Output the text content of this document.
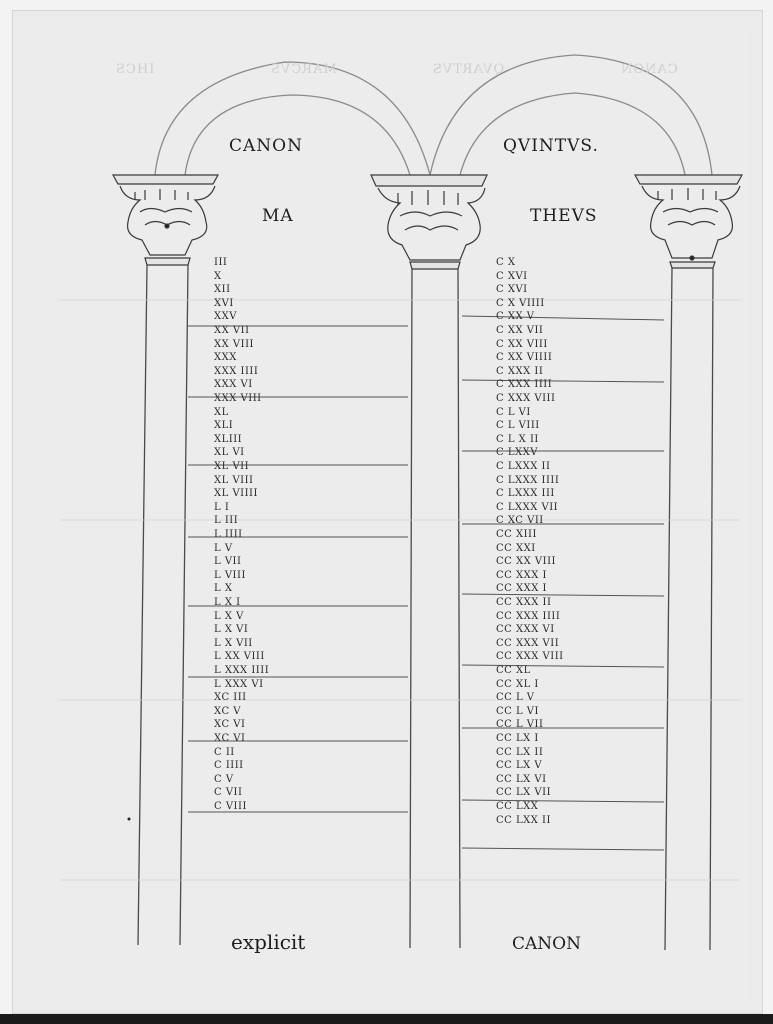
IHCS	MARCVS	QVARTVS	CANON
CANON	QVINTVS.
MA	THEVS
III
X
XII
XVI
XXV
XX VII
XX VIII
XXX
XXX IIII
XXX VI
XXX VIII
XL
XLI
XLIII
XL VI
XL VII
XL VIII
XL VIIII
L I
L III
L IIII
L V
L VII
L VIII
L X
L X I
L X V
L X VI
L X VII
L XX VIII
L XXX IIII
L XXX VI
XC III
XC V
XC VI
XC VI
C II
C IIII
C V
C VII
C VIII
C X
C XVI
C XVI
C X VIIII
C XX V
C XX VII
C XX VIII
C XX VIIII
C XXX II
C XXX IIII
C XXX VIII
C L VI
C L VIII
C L X II
C LXXV
C LXXX II
C LXXX IIII
C LXXX III
C LXXX VII
C XC VII
CC XIII
CC XXI
CC XX VIII
CC XXX I
CC XXX I
CC XXX II
CC XXX IIII
CC XXX VI
CC XXX VII
CC XXX VIII
CC XL
CC XL I
CC L V
CC L VI
CC L VII
CC LX I
CC LX II
CC LX V
CC LX VI
CC LX VII
CC LXX
CC LXX II
explicit	CANON
